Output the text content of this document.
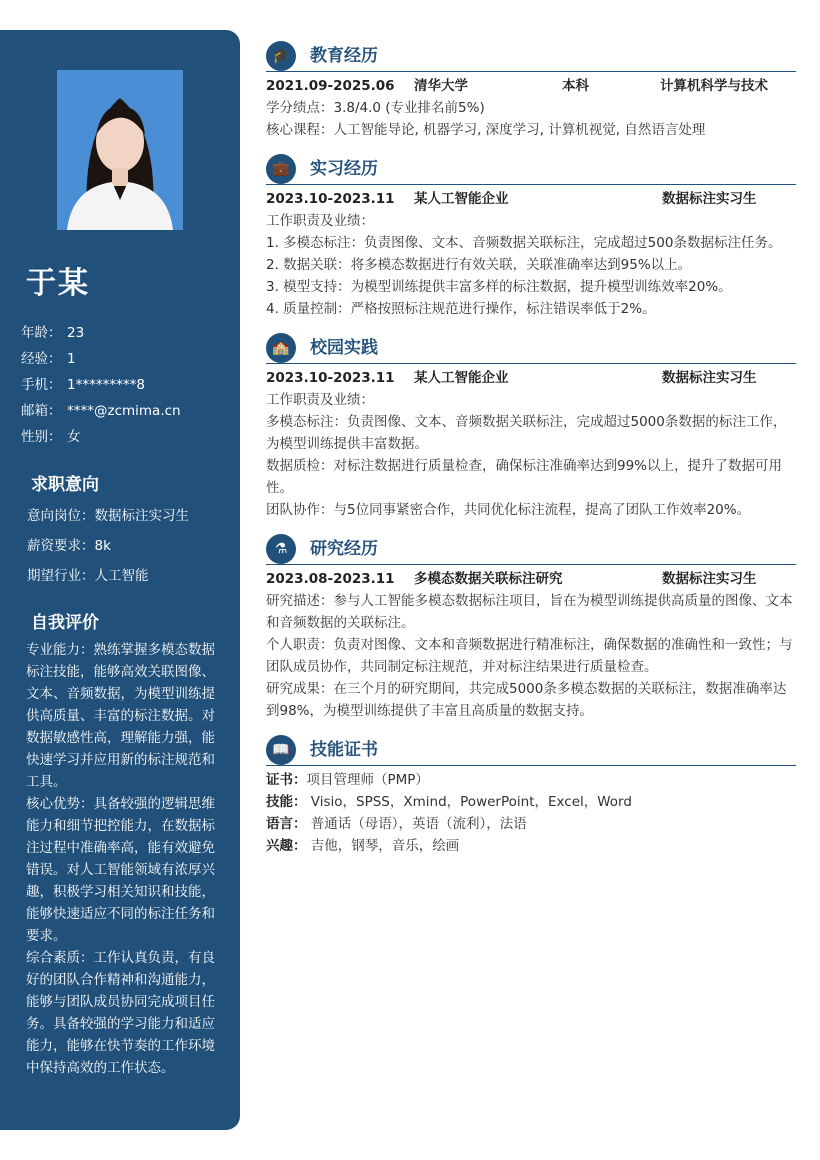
于某
年龄： 23
经验： 1
手机： 1*********8
邮箱： ****@zcmima.cn
性别： 女
求职意向
意向岗位：数据标注实习生
薪资要求：8k
期望行业：人工智能
自我评价

专业能力：熟练掌握多模态数据标注技能，能够高效关联图像、文本、音频数据，为模型训练提供高质量、丰富的标注数据。对数据敏感性高，理解能力强，能快速学习并应用新的标注规范和工具。

核心优势：具备较强的逻辑思维能力和细节把控能力，在数据标注过程中准确率高，能有效避免错误。对人工智能领域有浓厚兴趣，积极学习相关知识和技能，能够快速适应不同的标注任务和要求。

综合素质：工作认真负责，有良好的团队合作精神和沟通能力，能够与团队成员协同完成项目任务。具备较强的学习能力和适应能力，能够在快节奏的工作环境中保持高效的工作状态。

🎓	教育经历
2021.09-2025.06	清华大学	本科	计算机科学与技术

学分绩点：3.8/4.0 (专业排名前5%)

核心课程：人工智能导论, 机器学习, 深度学习, 计算机视觉, 自然语言处理

💼	实习经历
2023.10-2023.11	某人工智能企业	数据标注实习生

工作职责及业绩：

1. 多模态标注：负责图像、文本、音频数据关联标注，完成超过500条数据标注任务。

2. 数据关联：将多模态数据进行有效关联，关联准确率达到95%以上。

3. 模型支持：为模型训练提供丰富多样的标注数据，提升模型训练效率20%。

4. 质量控制：严格按照标注规范进行操作，标注错误率低于2%。

🏫	校园实践
2023.10-2023.11	某人工智能企业	数据标注实习生

工作职责及业绩：

多模态标注：负责图像、文本、音频数据关联标注，完成超过5000条数据的标注工作，为模型训练提供丰富数据。

数据质检：对标注数据进行质量检查，确保标注准确率达到99%以上，提升了数据可用性。

团队协作：与5位同事紧密合作，共同优化标注流程，提高了团队工作效率20%。

⚗	研究经历
2023.08-2023.11	多模态数据关联标注研究	数据标注实习生

研究描述：参与人工智能多模态数据标注项目，旨在为模型训练提供高质量的图像、文本和音频数据的关联标注。

个人职责：负责对图像、文本和音频数据进行精准标注，确保数据的准确性和一致性；与团队成员协作，共同制定标注规范，并对标注结果进行质量检查。

研究成果：在三个月的研究期间，共完成5000条多模态数据的关联标注，数据准确率达到98%，为模型训练提供了丰富且高质量的数据支持。

📖	技能证书

证书：项目管理师（PMP）

技能： Visio，SPSS，Xmind，PowerPoint，Excel，Word

语言： 普通话（母语），英语（流利），法语

兴趣： 吉他，钢琴，音乐，绘画
